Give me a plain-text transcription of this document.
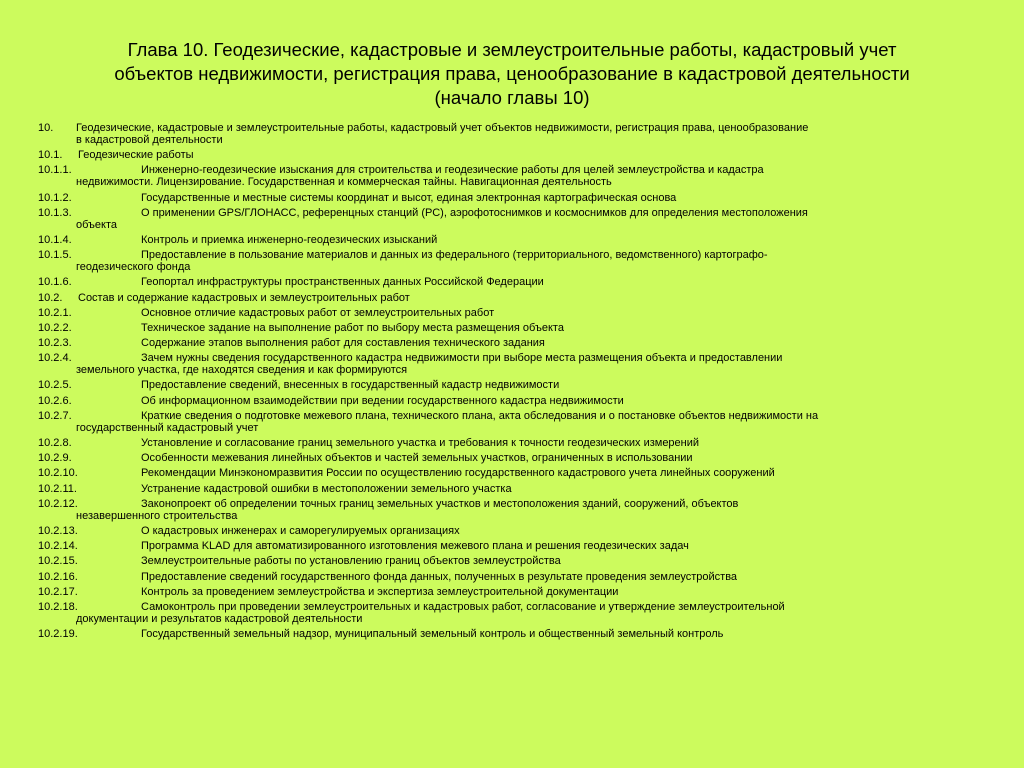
Глава 10. Геодезические, кадастровые и землеустроительные работы, кадастровый учет
объектов недвижимости, регистрация права, ценообразование в кадастровой деятельности
(начало главы 10)
10.	Геодезические, кадастровые и землеустроительные работы, кадастровый учет объектов недвижимости, регистрация права, ценообразование
в кадастровой деятельности
10.1.	Геодезические работы
10.1.1.	Инженерно-геодезические изыскания для строительства и геодезические работы для целей землеустройства и кадастра
недвижимости. Лицензирование. Государственная и коммерческая тайны. Навигационная деятельность
10.1.2.	Государственные и местные системы координат и высот, единая электронная картографическая основа
10.1.3.	О применении GPS/ГЛОНАСС, референцных станций (РС), аэрофотоснимков и космоснимков для определения местоположения
объекта
10.1.4.	Контроль и приемка инженерно-геодезических изысканий
10.1.5.	Предоставление в пользование материалов и данных из федерального (территориального, ведомственного) картографо-
геодезического фонда
10.1.6.	Геопортал инфраструктуры пространственных данных Российской Федерации
10.2.	Состав и содержание кадастровых и землеустроительных работ
10.2.1.	Основное отличие кадастровых работ от землеустроительных работ
10.2.2.	Техническое задание на выполнение работ по выбору места размещения объекта
10.2.3.	Содержание этапов выполнения работ для составления технического задания
10.2.4.	Зачем нужны сведения государственного кадастра недвижимости при выборе места размещения объекта и предоставлении
земельного участка, где находятся сведения и как формируются
10.2.5.	Предоставление сведений, внесенных в государственный кадастр недвижимости
10.2.6.	Об информационном взаимодействии при ведении государственного кадастра недвижимости
10.2.7.	Краткие сведения о подготовке межевого плана, технического плана, акта обследования и о постановке объектов недвижимости на
государственный кадастровый учет
10.2.8.	Установление и согласование границ земельного участка и требования к точности геодезических измерений
10.2.9.	Особенности межевания линейных объектов и частей земельных участков, ограниченных в использовании
10.2.10.	Рекомендации Минэкономразвития России по осуществлению государственного кадастрового учета линейных сооружений
10.2.11.	Устранение кадастровой ошибки в местоположении земельного участка
10.2.12.	Законопроект об определении точных границ земельных участков и местоположения зданий, сооружений, объектов
незавершенного строительства
10.2.13.	О кадастровых инженерах и саморегулируемых организациях
10.2.14.	Программа KLAD для автоматизированного изготовления межевого плана и решения геодезических задач
10.2.15.	Землеустроительные работы по установлению границ объектов землеустройства
10.2.16.	Предоставление сведений государственного фонда данных, полученных в результате проведения землеустройства
10.2.17.	Контроль за проведением землеустройства и экспертиза землеустроительной документации
10.2.18.	Самоконтроль при проведении землеустроительных и кадастровых работ, согласование и утверждение землеустроительной
документации и результатов кадастровой деятельности
10.2.19.	Государственный земельный надзор, муниципальный земельный контроль и общественный земельный контроль
